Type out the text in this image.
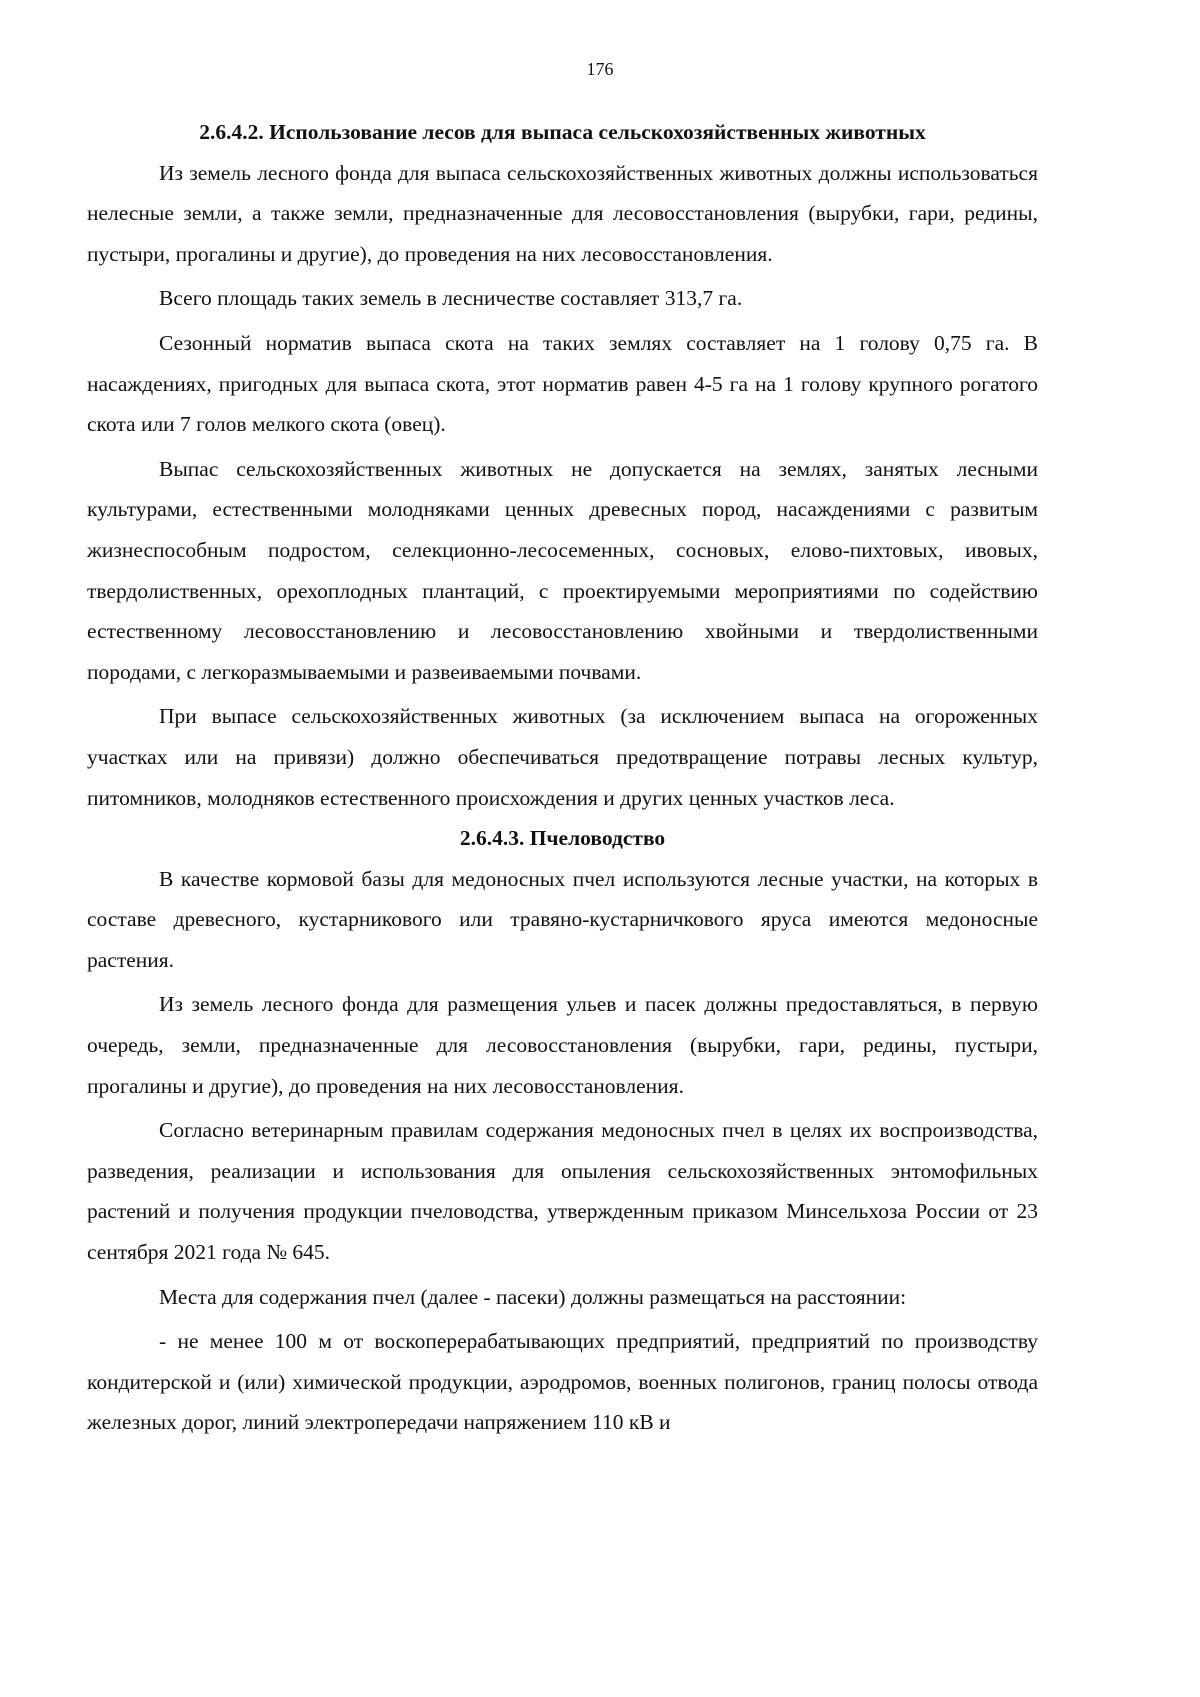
176
2.6.4.2. Использование лесов для выпаса сельскохозяйственных животных

Из земель лесного фонда для выпаса сельскохозяйственных животных должны использоваться нелесные земли, а также земли, предназначенные для лесовосстановления (вырубки, гари, редины, пустыри, прогалины и другие), до проведения на них лесовосстановления.

Всего площадь таких земель в лесничестве составляет 313,7 га.

Сезонный норматив выпаса скота на таких землях составляет на 1 голову 0,75 га. В насаждениях, пригодных для выпаса скота, этот норматив равен 4-5 га на 1 голову крупного рогатого скота или 7 голов мелкого скота (овец).

Выпас сельскохозяйственных животных не допускается на землях, занятых лесными культурами, естественными молодняками ценных древесных пород, насаждениями с развитым жизнеспособным подростом, селекционно-лесосеменных, сосновых, елово-пихтовых, ивовых, твердолиственных, орехоплодных плантаций, с проектируемыми мероприятиями по содействию естественному лесовосстановлению и лесовосстановлению хвойными и твердолиственными породами, с легкоразмываемыми и развеиваемыми почвами.

При выпасе сельскохозяйственных животных (за исключением выпаса на огороженных участках или на привязи) должно обеспечиваться предотвращение потравы лесных культур, питомников, молодняков естественного происхождения и других ценных участков леса.

2.6.4.3. Пчеловодство

В качестве кормовой базы для медоносных пчел используются лесные участки, на которых в составе древесного, кустарникового или травяно-кустарничкового яруса имеются медоносные растения.

Из земель лесного фонда для размещения ульев и пасек должны предоставляться, в первую очередь, земли, предназначенные для лесовосстановления (вырубки, гари, редины, пустыри, прогалины и другие), до проведения на них лесовосстановления.

Согласно ветеринарным правилам содержания медоносных пчел в целях их воспроизводства, разведения, реализации и использования для опыления сельскохозяйственных энтомофильных растений и получения продукции пчеловодства, утвержденным приказом Минсельхоза России от 23 сентября 2021 года № 645.

Места для содержания пчел (далее - пасеки) должны размещаться на расстоянии:

- не менее 100 м от воскоперерабатывающих предприятий, предприятий по производству кондитерской и (или) химической продукции, аэродромов, военных полигонов, границ полосы отвода железных дорог, линий электропередачи напряжением 110 кВ и
